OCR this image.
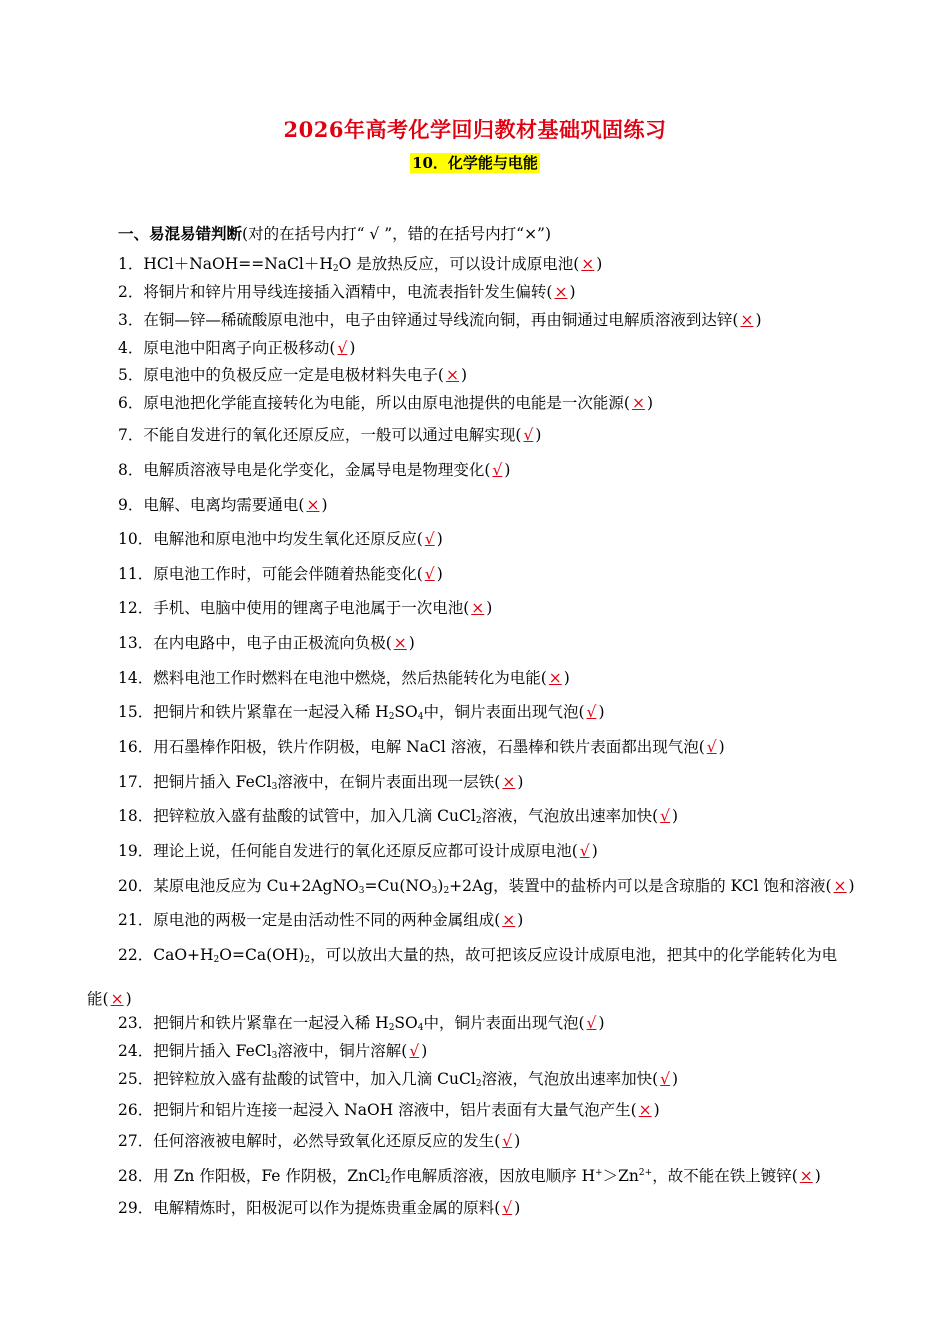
2026年高考化学回归教材基础巩固练习
10．化学能与电能
一、易混易错判断(对的在括号内打“ √ ”，错的在括号内打“×”)
1．$HCl+NaOH==NaCl+H_2O$ 是放热反应，可以设计成原电池( × )
2．将铜片和锌片用导线连接插入酒精中，电流表指针发生偏转( × )
3．在铜—锌—稀硫酸原电池中，电子由锌通过导线流向铜，再由铜通过电解质溶液到达锌( × )
4．原电池中阳离子向正极移动( √ )
5．原电池中的负极反应一定是电极材料失电子( × )
6．原电池把化学能直接转化为电能，所以由原电池提供的电能是一次能源( × )
7．不能自发进行的氧化还原反应，一般可以通过电解实现( √ )
8．电解质溶液导电是化学变化，金属导电是物理变化( √ )
9．电解、电离均需要通电( × )
10．电解池和原电池中均发生氧化还原反应( √ )
11．原电池工作时，可能会伴随着热能变化( √ )
12．手机、电脑中使用的锂离子电池属于一次电池( × )
13．在内电路中，电子由正极流向负极( × )
14．燃料电池工作时燃料在电池中燃烧，然后热能转化为电能( × )
15．把铜片和铁片紧靠在一起浸入稀 $H_2SO_4$中，铜片表面出现气泡( √ )
16．用石墨棒作阳极，铁片作阴极，电解 NaCl 溶液，石墨棒和铁片表面都出现气泡( √ )
17．把铜片插入 FeCl$_3$溶液中，在铜片表面出现一层铁( × )
18．把锌粒放入盛有盐酸的试管中，加入几滴 CuCl$_2$溶液，气泡放出速率加快( √ )
19．理论上说，任何能自发进行的氧化还原反应都可设计成原电池( √ )
20．某原电池反应为 $Cu+2AgNO_3=Cu(NO_3)_2+2Ag$，装置中的盐桥内可以是含琼脂的 KCl 饱和溶液( × )
21．原电池的两极一定是由活动性不同的两种金属组成( × )
22．$CaO+H_2O=Ca(OH)_2$，可以放出大量的热，故可把该反应设计成原电池，把其中的化学能转化为电
能( × )
23．把铜片和铁片紧靠在一起浸入稀 $H_2SO_4$中，铜片表面出现气泡( √ )
24．把铜片插入 FeCl$_3$溶液中，铜片溶解( √ )
25．把锌粒放入盛有盐酸的试管中，加入几滴 CuCl$_2$溶液，气泡放出速率加快( √ )
26．把铜片和铝片连接一起浸入 NaOH 溶液中，铝片表面有大量气泡产生( × )
27．任何溶液被电解时，必然导致氧化还原反应的发生( √ )
28．用 Zn 作阳极，Fe 作阴极，ZnCl$_2$作电解质溶液，因放电顺序 $H^+>Zn^{2+}$，故不能在铁上镀锌( × )
29．电解精炼时，阳极泥可以作为提炼贵重金属的原料( √ )
